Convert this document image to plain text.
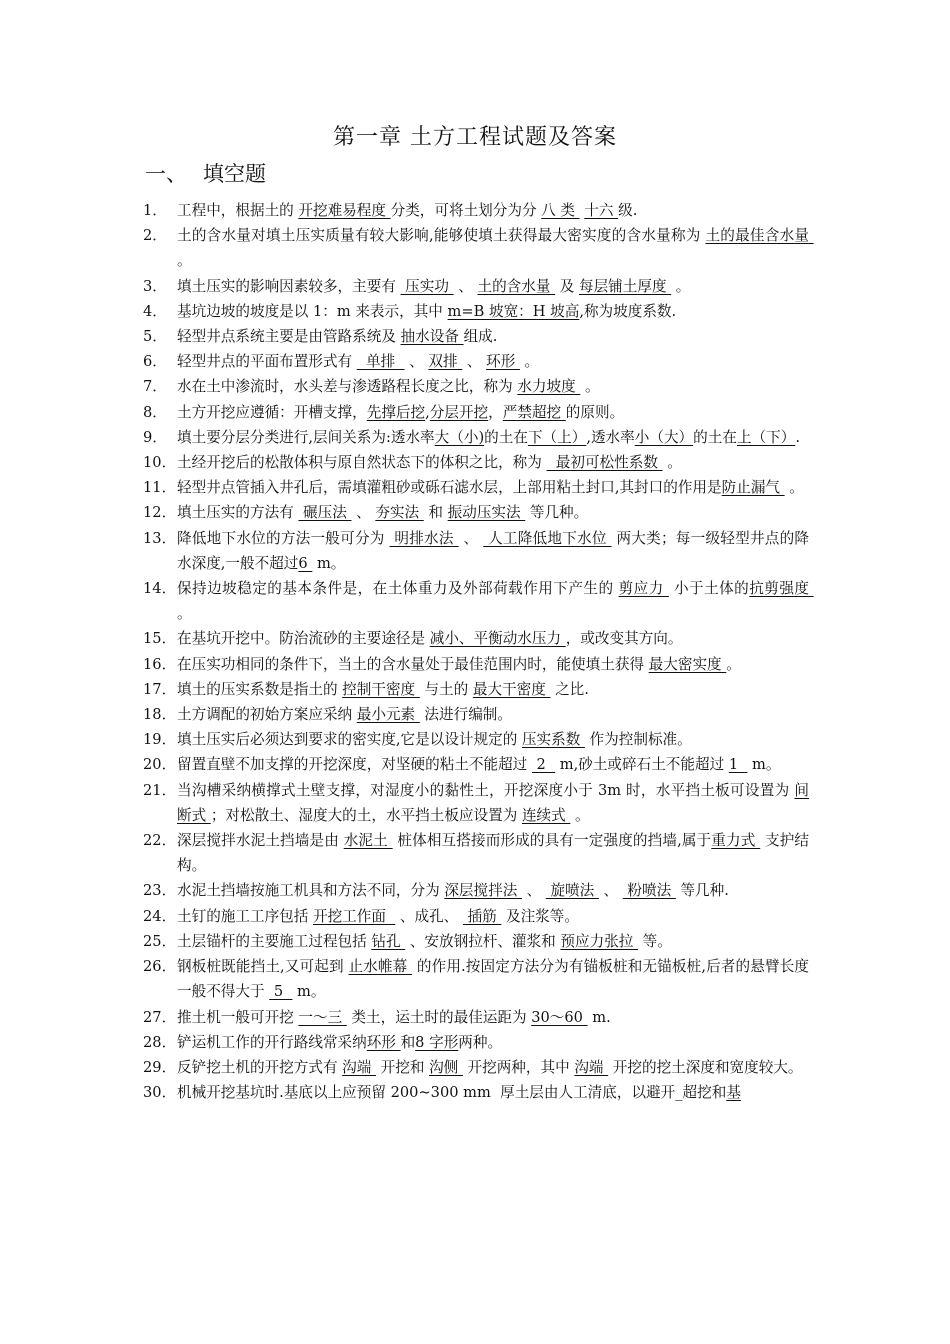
第一章 土方工程试题及答案
一、 填空题
1． 工程中，根据土的 开挖难易程度 分类，可将土划分为分 八 类  十六 级.
2． 土的含水量对填土压实质量有较大影响,能够使填土获得最大密实度的含水量称为 土的最佳含水量 。
3． 填土压实的影响因素较多，主要有  压实功  、 土的含水量  及 每层铺土厚度  。
4． 基坑边坡的坡度是以 1：m 来表示，其中 m=B 坡宽：H 坡高,称为坡度系数.
5． 轻型井点系统主要是由管路系统及 抽水设备 组成.
6． 轻型井点的平面布置形式有   单排   、 双排  、 环形  。
7． 水在土中渗流时，水头差与渗透路程长度之比，称为 水力坡度  。
8． 土方开挖应遵循：开槽支撑，先撑后挖,分层开挖，严禁超挖 的原则。
9． 填土要分层分类进行,层间关系为:透水率大（小)的土在下（上）,透水率小（大）的土在上（下）.
10． 土经开挖后的松散体积与原自然状态下的体积之比，称为   最初可松性系数  。
11． 轻型井点管插入井孔后，需填灌粗砂或砾石滤水层，上部用粘土封口,其封口的作用是防止漏气  。
12． 填土压实的方法有  碾压法  、 夯实法  和 振动压实法  等几种。
13． 降低地下水位的方法一般可分为  明排水法  、  人工降低地下水位  两大类；每一级轻型井点的降水深度,一般不超过6  m。
14． 保持边坡稳定的基本条件是，在土体重力及外部荷载作用下产生的 剪应力  小于土体的抗剪强度  。
15． 在基坑开挖中。防治流砂的主要途径是 减小、平衡动水压力 ，或改变其方向。
16． 在压实功相同的条件下，当土的含水量处于最佳范围内时，能使填土获得 最大密实度 。
17． 填土的压实系数是指土的 控制干密度  与土的 最大干密度  之比.
18． 土方调配的初始方案应采纳 最小元素  法进行编制。
19． 填土压实后必须达到要求的密实度,它是以设计规定的 压实系数  作为控制标准。
20． 留置直壁不加支撑的开挖深度，对坚硬的粘土不能超过  2   m,砂土或碎石土不能超过 1   m。
21． 当沟槽采纳横撑式土壁支撑，对湿度小的黏性土，开挖深度小于 3m 时，水平挡土板可设置为 间断式 ；对松散土、湿度大的土，水平挡土板应设置为 连续式  。
22． 深层搅拌水泥土挡墙是由 水泥土  桩体相互搭接而形成的具有一定强度的挡墙,属于重力式  支护结构。
23． 水泥土挡墙按施工机具和方法不同，分为 深层搅拌法  、  旋喷法  、  粉喷法  等几种.
24． 土钉的施工工序包括 开挖工作面   、成孔、  插筋  及注浆等。
25． 土层锚杆的主要施工过程包括 钻孔  、安放钢拉杆、灌浆和 预应力张拉  等。
26． 钢板桩既能挡土,又可起到 止水帷幕  的作用.按固定方法分为有锚板桩和无锚板桩,后者的悬臂长度一般不得大于  5   m。
27． 推土机一般可开挖 一～三  类土，运土时的最佳运距为 30～60  m.
28． 铲运机工作的开行路线常采纳环形 和8 字形两种。
29． 反铲挖土机的开挖方式有 沟端  开挖和 沟侧  开挖两种，其中 沟端  开挖的挖土深度和宽度较大。
30． 机械开挖基坑时.基底以上应预留 200~300 mm  厚土层由人工清底，以避开_超挖和基
